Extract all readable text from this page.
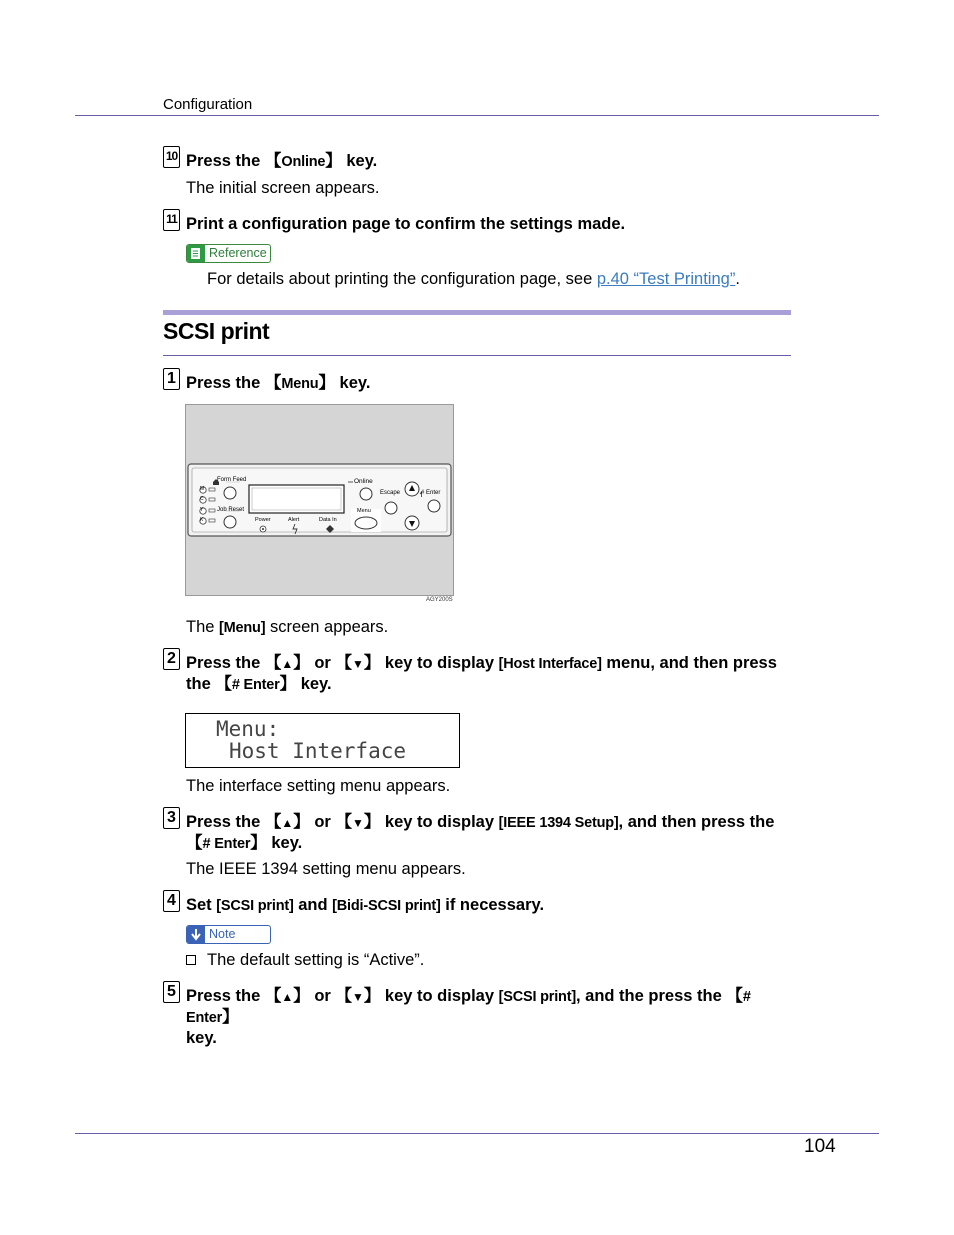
Configuration
10 Press the 【Online】 key.
The initial screen appears.
11 Print a configuration page to confirm the settings made.
Reference
For details about printing the configuration page, see p.40 “Test Printing”.
SCSI print
1 Press the 【Menu】 key.
Form Feed
Job Reset
Online
Escape	# Enter
Menu
Power	Alert	Data In
M
C
Y
K
AGY200S
The [Menu] screen appears.
2 Press the 【▲】 or 【▼】 key to display [Host Interface] menu, and then press
the 【# Enter】 key.
Menu:
Host Interface
The interface setting menu appears.
3 Press the 【▲】 or 【▼】 key to display [IEEE 1394 Setup], and then press the
【# Enter】 key.
The IEEE 1394 setting menu appears.
4 Set [SCSI print] and [Bidi-SCSI print] if necessary.
Note
The default setting is “Active”.
5 Press the 【▲】 or 【▼】 key to display [SCSI print], and the press the 【# Enter】
key.
104
